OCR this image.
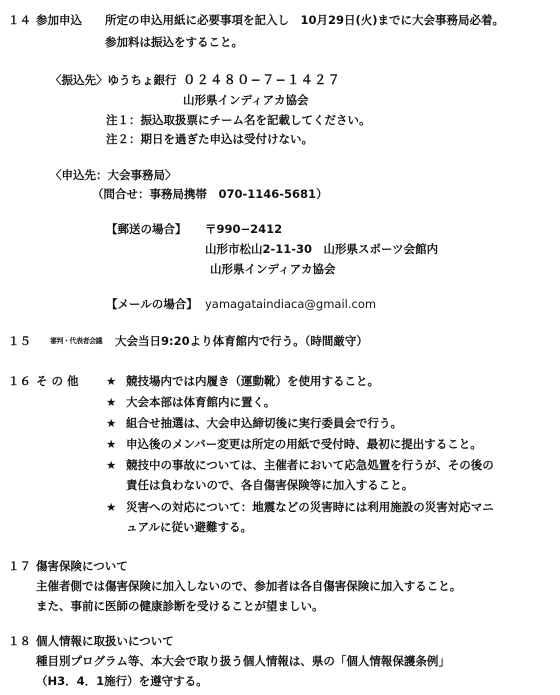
１４ 参加申込 所定の申込用紙に必要事項を記入し　10月29日(火)までに大会事務局必着。
参加料は振込をすること。
〈振込先〉ゆうちょ銀行 ０２４８０−７−１４２７
山形県インディアカ協会
注１：振込取扱票にチーム名を記載してください。
注２：期日を過ぎた申込は受付けない。
〈申込先：大会事務局〉
（問合せ：事務局携帯　070-1146-5681）
【郵送の場合】 〒990−2412
山形市松山2-11-30　山形県スポーツ会館内
山形県インディアカ協会
【メールの場合】 yamagataindiaca@gmail.com
１５	審判・代表者会議 大会当日9:20より体育館内で行う。（時間厳守）
１６ そ の 他 ★ 競技場内では内履き（運動靴）を使用すること。
★ 大会本部は体育館内に置く。
★ 組合せ抽選は、大会申込締切後に実行委員会で行う。
★ 申込後のメンバー変更は所定の用紙で受付時、最初に提出すること。
★ 競技中の事故については、主催者において応急処置を行うが、その後の
責任は負わないので、各自傷害保険等に加入すること。
★ 災害への対応について：地震などの災害時には利用施設の災害対応マニ
ュアルに従い避難する。
１７ 傷害保険について
主催者側では傷害保険に加入しないので、参加者は各自傷害保険に加入すること。
また、事前に医師の健康診断を受けることが望ましい。
１８ 個人情報に取扱いについて
種目別プログラム等、本大会で取り扱う個人情報は、県の「個人情報保護条例」
（H3．4．1施行）を遵守する。
